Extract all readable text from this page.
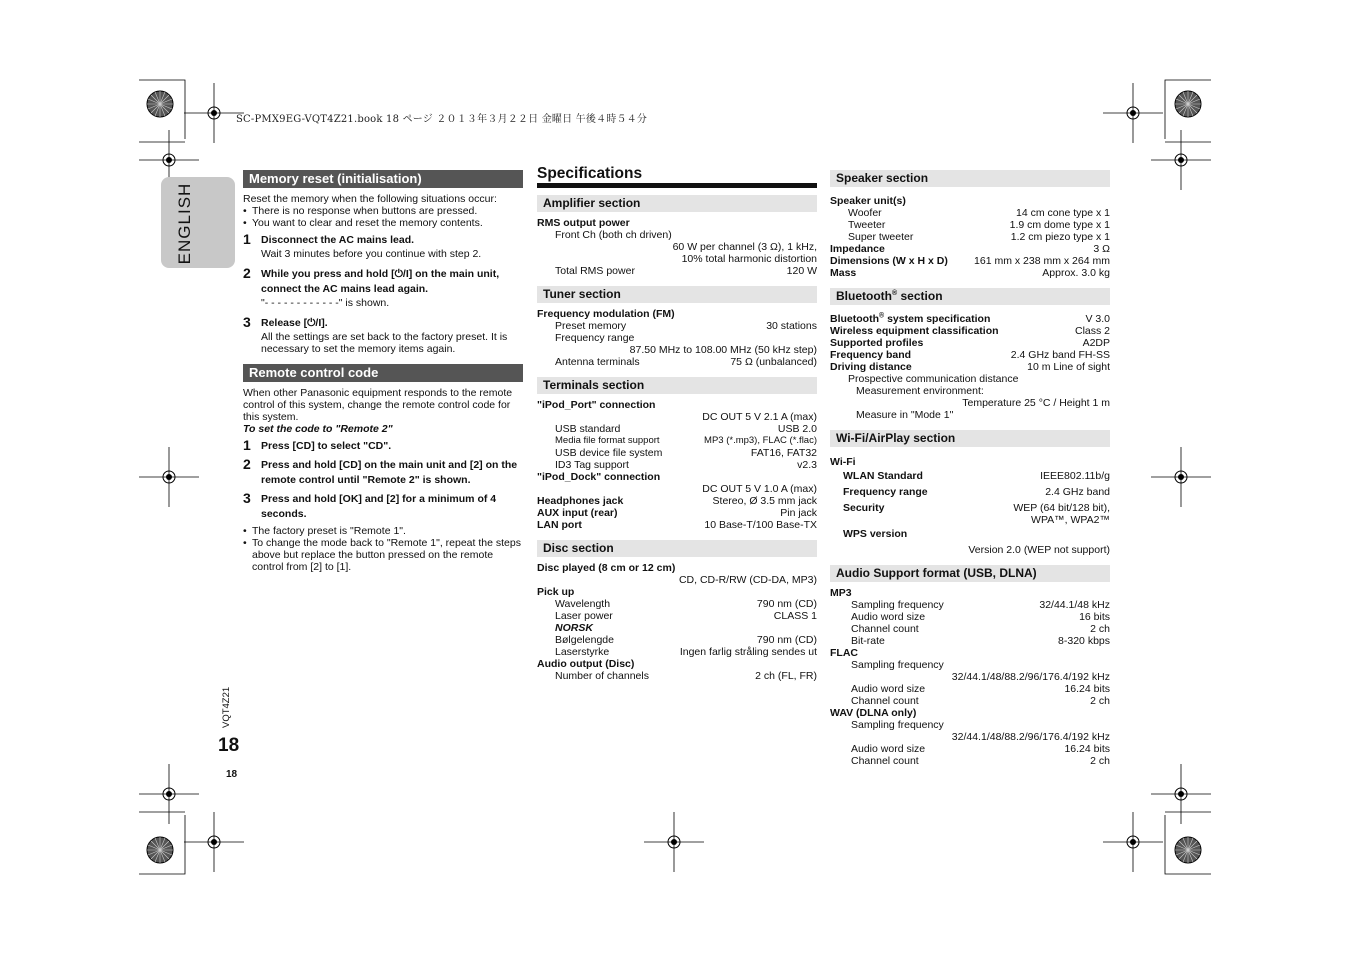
SC-PMX9EG-VQT4Z21.book 18 ページ ２０１３年３月２２日 金曜日 午後４時５４分
ENGLISH
VQT4Z21
18
18
Memory reset (initialisation)

Reset the memory when the following situations occur:

• There is no response when buttons are pressed.
• You want to clear and reset the memory contents.
1 Disconnect the AC mains lead.
Wait 3 minutes before you continue with step 2.
2 While you press and hold [⏻/I] on the main unit, connect the AC mains lead again.
"- - - - - - - - - - - -" is shown.
3 Release [⏻/I].
All the settings are set back to the factory preset. It is necessary to set the memory items again.
Remote control code

When other Panasonic equipment responds to the remote control of this system, change the remote control code for this system.

To set the code to "Remote 2"
1 Press [CD] to select "CD".
2 Press and hold [CD] on the main unit and [2] on the remote control until "Remote 2" is shown.
3 Press and hold [OK] and [2] for a minimum of 4 seconds.
• The factory preset is "Remote 1".
• To change the mode back to "Remote 1", repeat the steps above but replace the button pressed on the remote control from [2] to [1].
Specifications
Amplifier section
RMS output power
Front Ch (both ch driven)
60 W per channel (3 Ω), 1 kHz,
10% total harmonic distortion
Total RMS power	120 W
Tuner section
Frequency modulation (FM)
Preset memory	30 stations
Frequency range
87.50 MHz to 108.00 MHz (50 kHz step)
Antenna terminals	75 Ω (unbalanced)
Terminals section
"iPod_Port" connection
DC OUT 5 V 2.1 A (max)
USB standard	USB 2.0
Media file format support	MP3 (*.mp3), FLAC (*.flac)
USB device file system	FAT16, FAT32
ID3 Tag support	v2.3
"iPod_Dock" connection
DC OUT 5 V 1.0 A (max)
Headphones jack	Stereo, Ø 3.5 mm jack
AUX input (rear)	Pin jack
LAN port	10 Base-T/100 Base-TX
Disc section
Disc played (8 cm or 12 cm)
CD, CD-R/RW (CD-DA, MP3)
Pick up
Wavelength	790 nm (CD)
Laser power	CLASS 1
NORSK
Bølgelengde	790 nm (CD)
Laserstyrke	Ingen farlig stråling sendes ut
Audio output (Disc)
Number of channels	2 ch (FL, FR)
Speaker section
Speaker unit(s)
Woofer	14 cm cone type x 1
Tweeter	1.9 cm dome type x 1
Super tweeter	1.2 cm piezo type x 1
Impedance	3 Ω
Dimensions (W x H x D) 161 mm x 238 mm x 264 mm
Mass	Approx. 3.0 kg
Bluetooth® section
Bluetooth® system specification	V 3.0
Wireless equipment classification	Class 2
Supported profiles	A2DP
Frequency band	2.4 GHz band FH-SS
Driving distance	10 m Line of sight
Prospective communication distance
Measurement environment:
Temperature 25 °C / Height 1 m
Measure in "Mode 1"
Wi-Fi/AirPlay section
Wi-Fi
WLAN Standard	IEEE802.11b/g
Frequency range	2.4 GHz band
Security	WEP (64 bit/128 bit),
WPA™, WPA2™
WPS version
Version 2.0 (WEP not support)
Audio Support format (USB, DLNA)
MP3
Sampling frequency	32/44.1/48 kHz
Audio word size	16 bits
Channel count	2 ch
Bit-rate	8-320 kbps
FLAC
Sampling frequency
32/44.1/48/88.2/96/176.4/192 kHz
Audio word size	16.24 bits
Channel count	2 ch
WAV (DLNA only)
Sampling frequency
32/44.1/48/88.2/96/176.4/192 kHz
Audio word size	16.24 bits
Channel count	2 ch
